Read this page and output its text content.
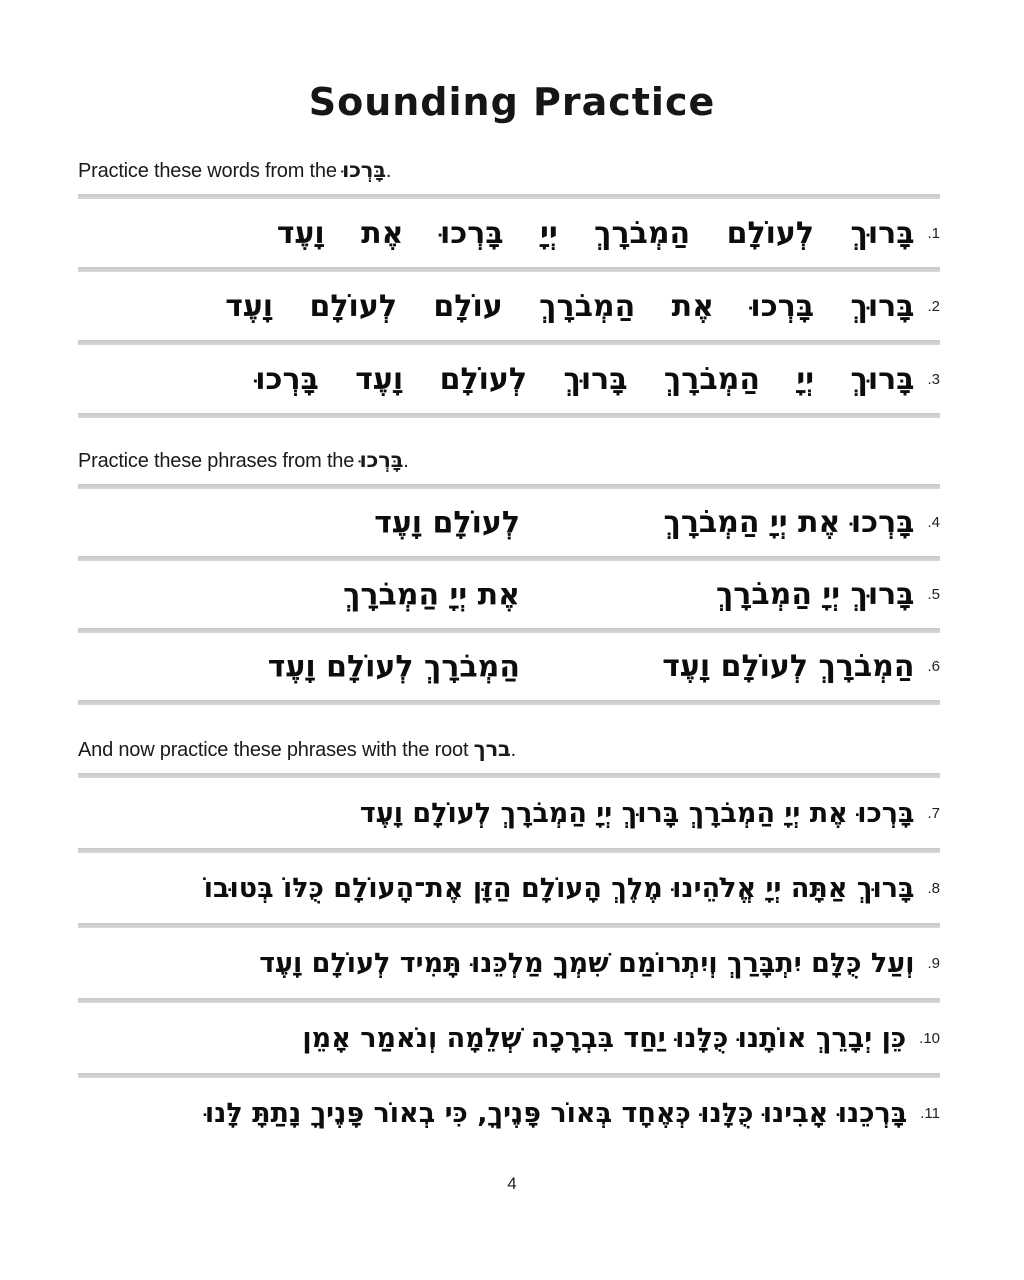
Sounding Practice

Practice these words from the בָּרְכוּ.

1.
בָּרוּךְ לְעוֹלָם הַמְבֹרָךְ יְיָ בָּרְכוּ אֶת וָעֶד
2.
בָּרוּךְ בָּרְכוּ אֶת הַמְבֹרָךְ עוֹלָם לְעוֹלָם וָעֶד
3.
בָּרוּךְ יְיָ הַמְבֹרָךְ בָּרוּךְ לְעוֹלָם וָעֶד בָּרְכוּ

Practice these phrases from the בָּרְכוּ.

4.
בָּרְכוּ אֶת יְיָ הַמְבֹרָךְ
לְעוֹלָם וָעֶד
5.
בָּרוּךְ יְיָ הַמְבֹרָךְ
אֶת יְיָ הַמְבֹרָךְ
6.
הַמְבֹרָךְ לְעוֹלָם וָעֶד
הַמְבֹרָךְ לְעוֹלָם וָעֶד

And now practice these phrases with the root ברך.

7.
בָּרְכוּ אֶת יְיָ הַמְבֹרָךְ בָּרוּךְ יְיָ הַמְבֹרָךְ לְעוֹלָם וָעֶד
8.
בָּרוּךְ אַתָּה יְיָ אֱלֹהֵינוּ מֶלֶךְ הָעוֹלָם הַזָּן אֶת־הָעוֹלָם כֻּלּוֹ בְּטוּבוֹ
9.
וְעַל כֻּלָּם יִתְבָּרַךְ וְיִתְרוֹמַם שִׁמְךָ מַלְכֵּנוּ תָּמִיד לְעוֹלָם וָעֶד
10.
כֵּן יְבָרֵךְ אוֹתָנוּ כֻּלָּנוּ יַחַד בִּבְרָכָה שְׁלֵמָה וְנֹאמַר אָמֵן
11.
בָּרְכֵנוּ אָבִינוּ כֻּלָּנוּ כְּאֶחָד בְּאוֹר פָּנֶיךָ, כִּי בְאוֹר פָּנֶיךָ נָתַתָּ לָּנוּ
4
